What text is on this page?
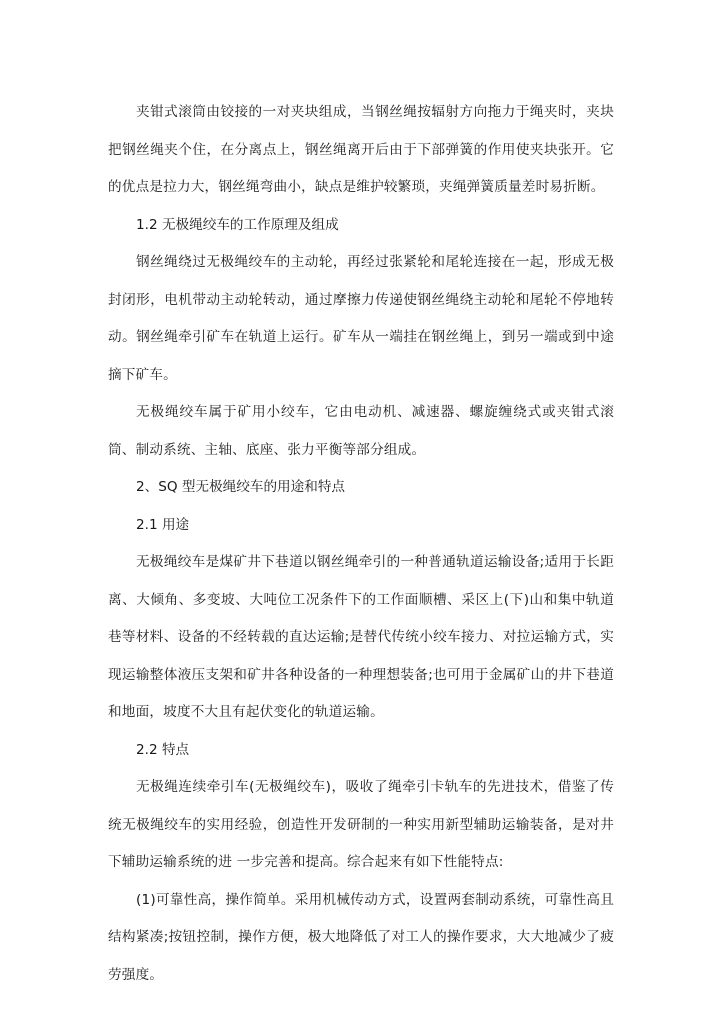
夹钳式滚筒由铰接的一对夹块组成，当钢丝绳按辐射方向拖力于绳夹时，夹块把钢丝绳夹个住，在分离点上，钢丝绳离开后由于下部弹簧的作用使夹块张开。它的优点是拉力大，钢丝绳弯曲小，缺点是维护较繁琐，夹绳弹簧质量差时易折断。

1.2 无极绳绞车的工作原理及组成

钢丝绳绕过无极绳绞车的主动轮，再经过张紧轮和尾轮连接在一起，形成无极封闭形，电机带动主动轮转动，通过摩擦力传递使钢丝绳绕主动轮和尾轮不停地转动。钢丝绳牵引矿车在轨道上运行。矿车从一端挂在钢丝绳上，到另一端或到中途摘下矿车。

无极绳绞车属于矿用小绞车，它由电动机、减速器、螺旋缠绕式或夹钳式滚筒、制动系统、主轴、底座、张力平衡等部分组成。

2、SQ 型无极绳绞车的用途和特点

2.1 用途

无极绳绞车是煤矿井下巷道以钢丝绳牵引的一种普通轨道运输设备;适用于长距离、大倾角、多变坡、大吨位工况条件下的工作面顺槽、采区上(下)山和集中轨道巷等材料、设备的不经转载的直达运输;是替代传统小绞车接力、对拉运输方式，实现运输整体液压支架和矿井各种设备的一种理想装备;也可用于金属矿山的井下巷道和地面，坡度不大且有起伏变化的轨道运输。

2.2 特点

无极绳连续牵引车(无极绳绞车)，吸收了绳牵引卡轨车的先进技术，借鉴了传统无极绳绞车的实用经验，创造性开发研制的一种实用新型辅助运输装备，是对井下辅助运输系统的进 一步完善和提高。综合起来有如下性能特点:

(1)可靠性高，操作简单。采用机械传动方式，设置两套制动系统，可靠性高且结构紧凑;按钮控制，操作方便，极大地降低了对工人的操作要求，大大地减少了疲劳强度。
